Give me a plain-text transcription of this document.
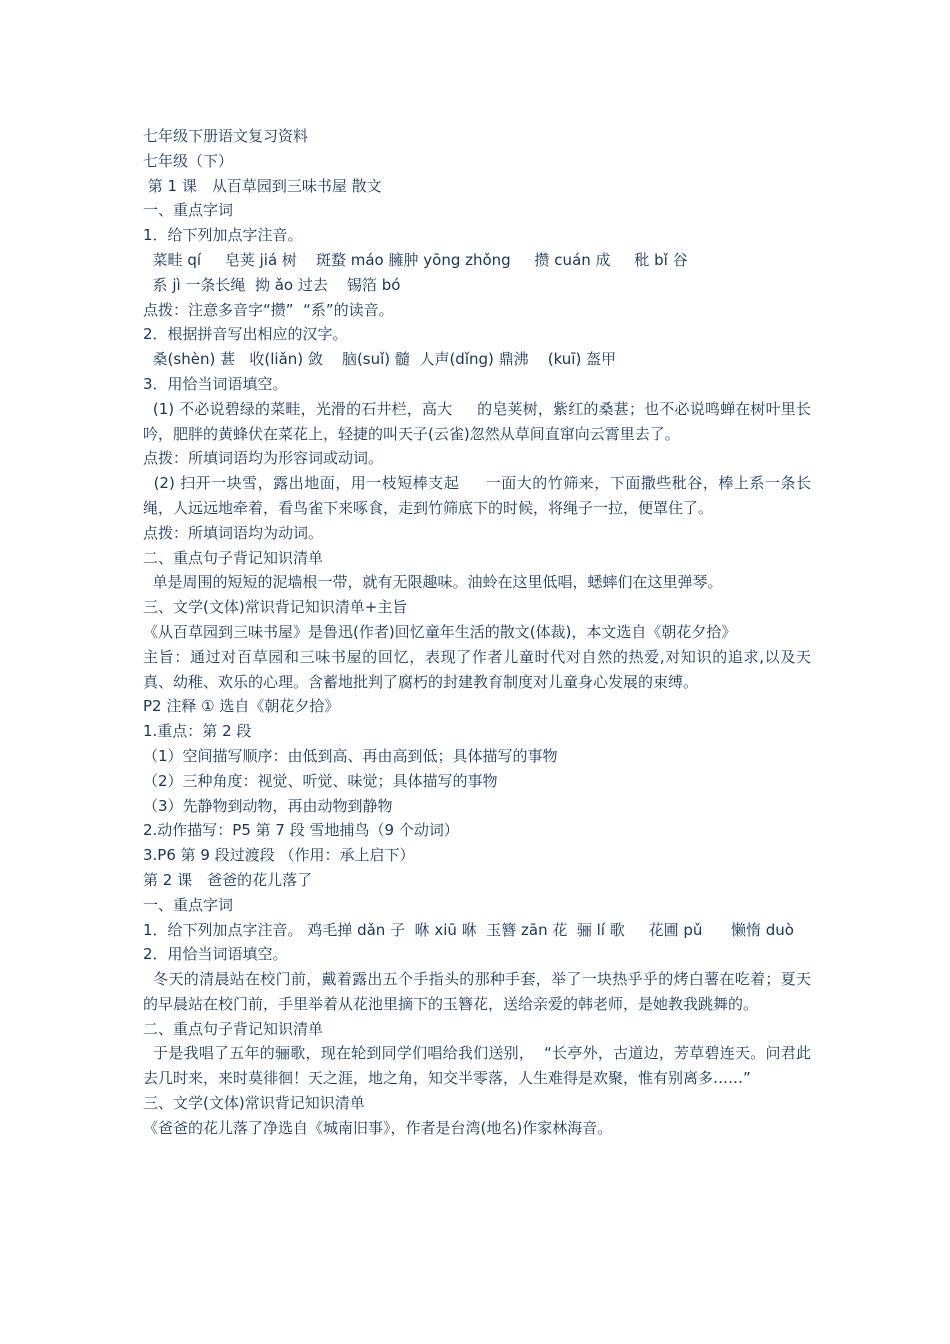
七年级下册语文复习资料

七年级（下）

第 1 课　从百草园到三味书屋 散文

一、重点字词

1．给下列加点字注音。

菜畦 qí     皂荚 jiá 树    斑蝥 máo 臃肿 yōng zhǒng     攒 cuán 成     秕 bǐ 谷

系 jì 一条长绳  拗 ǎo 过去    锡箔 bó

点拨：注意多音字“攒”  “系”的读音。

2．根据拼音写出相应的汉字。

桑(shèn) 葚   收(liǎn) 敛    脑(suǐ) 髓  人声(dǐng) 鼎沸    (kuī) 盔甲

3．用恰当词语填空。

(1) 不必说碧绿的菜畦，光滑的石井栏，高大     的皂荚树，紫红的桑葚；也不必说鸣蝉在树叶里长吟，肥胖的黄蜂伏在菜花上，轻捷的叫天子(云雀)忽然从草间直窜向云霄里去了。

点拨：所填词语均为形容词或动词。

(2) 扫开一块雪，露出地面，用一枝短棒支起     一面大的竹筛来，下面撒些秕谷，棒上系一条长绳，人远远地牵着，看鸟雀下来啄食，走到竹筛底下的时候，将绳子一拉，便罩住了。

点拨：所填词语均为动词。

二、重点句子背记知识清单

单是周围的短短的泥墙根一带，就有无限趣味。油蛉在这里低唱，蟋蟀们在这里弹琴。

三、文学(文体)常识背记知识清单+主旨

《从百草园到三味书屋》是鲁迅(作者)回忆童年生活的散文(体裁)，本文选自《朝花夕拾》

主旨：通过对百草园和三味书屋的回忆，表现了作者儿童时代对自然的热爱,对知识的追求,以及天真、幼稚、欢乐的心理。含蓄地批判了腐朽的封建教育制度对儿童身心发展的束缚。

P2 注释 ① 选自《朝花夕拾》

1.重点：第 2 段

（1）空间描写顺序：由低到高、再由高到低；具体描写的事物

（2）三种角度：视觉、听觉、味觉；具体描写的事物

（3）先静物到动物，再由动物到静物

2.动作描写：P5 第 7 段 雪地捕鸟（9 个动词）

3.P6 第 9 段过渡段 （作用：承上启下）

第 2 课　爸爸的花儿落了

一、重点字词

1．给下列加点字注音。 鸡毛掸 dǎn 子  咻 xiū 咻  玉簪 zān 花  骊 lí 歌     花圃 pǔ      懒惰 duò

2．用恰当词语填空。

冬天的清晨站在校门前，戴着露出五个手指头的那种手套，举了一块热乎乎的烤白薯在吃着；夏天的早晨站在校门前，手里举着从花池里摘下的玉簪花，送给亲爱的韩老师，是她教我跳舞的。

二、重点句子背记知识清单

于是我唱了五年的骊歌，现在轮到同学们唱给我们送别，  “长亭外，古道边，芳草碧连天。问君此去几时来，来时莫徘徊！天之涯，地之角，知交半零落，人生难得是欢聚，惟有别离多……”

三、文学(文体)常识背记知识清单

《爸爸的花儿落了净选自《城南旧事》，作者是台湾(地名)作家林海音。
